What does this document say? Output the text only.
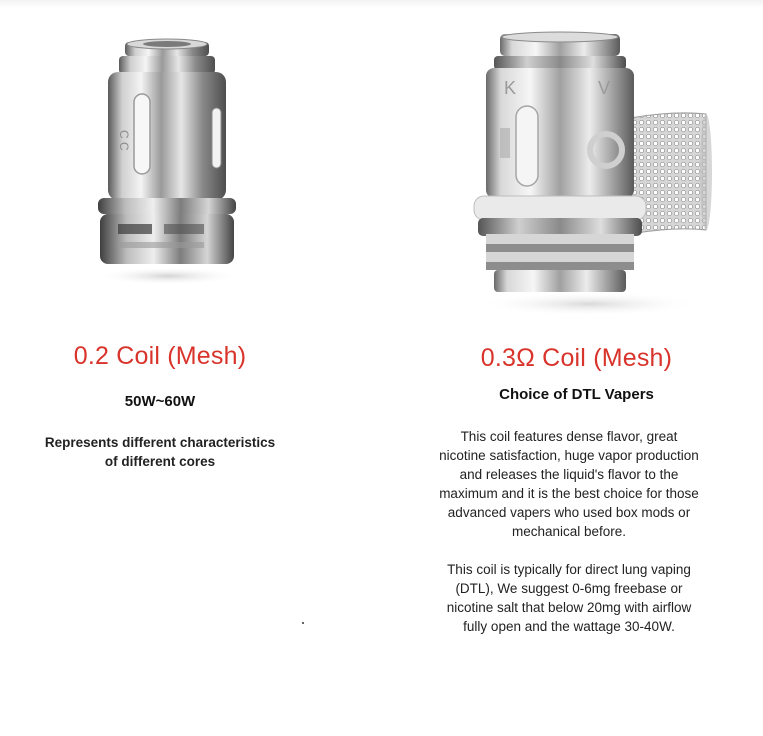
C C
0.2 Coil (Mesh)
50W~60W
Represents different characteristics
of different cores
K	V
0.3Ω Coil (Mesh)
Choice of DTL Vapers

This coil features dense flavor, great nicotine satisfaction, huge vapor production and releases the liquid's flavor to the maximum and it is the best choice for those advanced vapers who used box mods or mechanical before.

This coil is typically for direct lung vaping (DTL), We suggest 0-6mg freebase or nicotine salt that below 20mg with airflow fully open and the wattage 30-40W.
